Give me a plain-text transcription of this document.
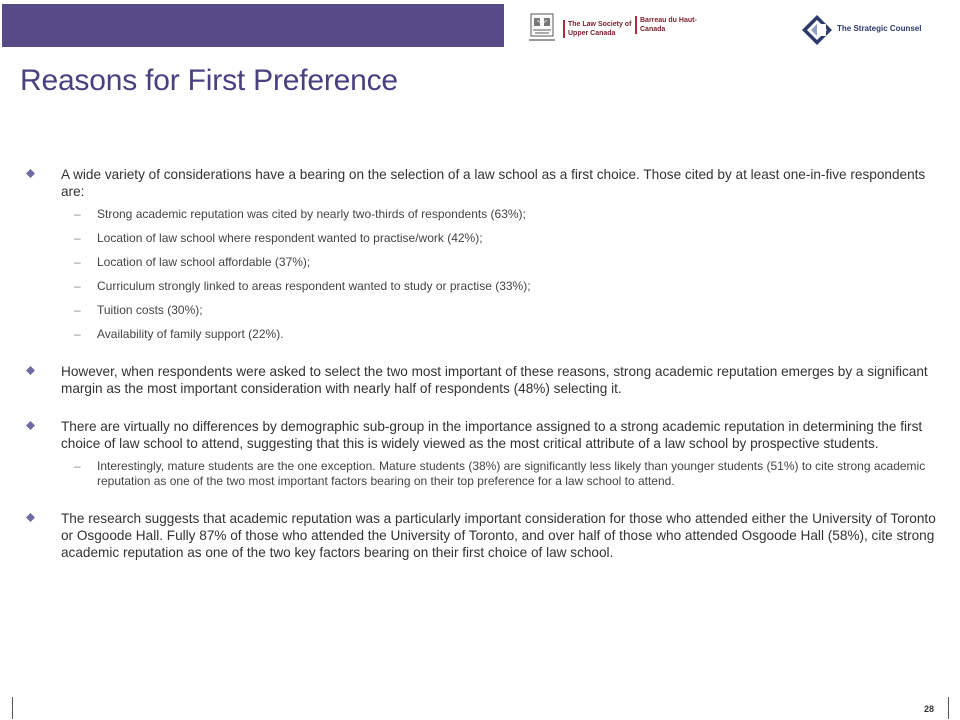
The Law Society of Upper Canada
Barreau du Haut-Canada	The Strategic Counsel
Reasons for First Preference

A wide variety of considerations have a bearing on the selection of a law school as a first choice. Those cited by at least one-in-five respondents are:

– Strong academic reputation was cited by nearly two-thirds of respondents (63%);

– Location of law school where respondent wanted to practise/work (42%);

– Location of law school affordable (37%);

– Curriculum strongly linked to areas respondent wanted to study or practise (33%);

– Tuition costs (30%);

– Availability of family support (22%).

However, when respondents were asked to select the two most important of these reasons, strong academic reputation emerges by a significant margin as the most important consideration with nearly half of respondents (48%) selecting it.

There are virtually no differences by demographic sub-group in the importance assigned to a strong academic reputation in determining the first choice of law school to attend, suggesting that this is widely viewed as the most critical attribute of a law school by prospective students.

– Interestingly, mature students are the one exception. Mature students (38%) are significantly less likely than younger students (51%) to cite strong academic reputation as one of the two most important factors bearing on their top preference for a law school to attend.

The research suggests that academic reputation was a particularly important consideration for those who attended either the University of Toronto or Osgoode Hall. Fully 87% of those who attended the University of Toronto, and over half of those who attended Osgoode Hall (58%), cite strong academic reputation as one of the two key factors bearing on their first choice of law school.

28
